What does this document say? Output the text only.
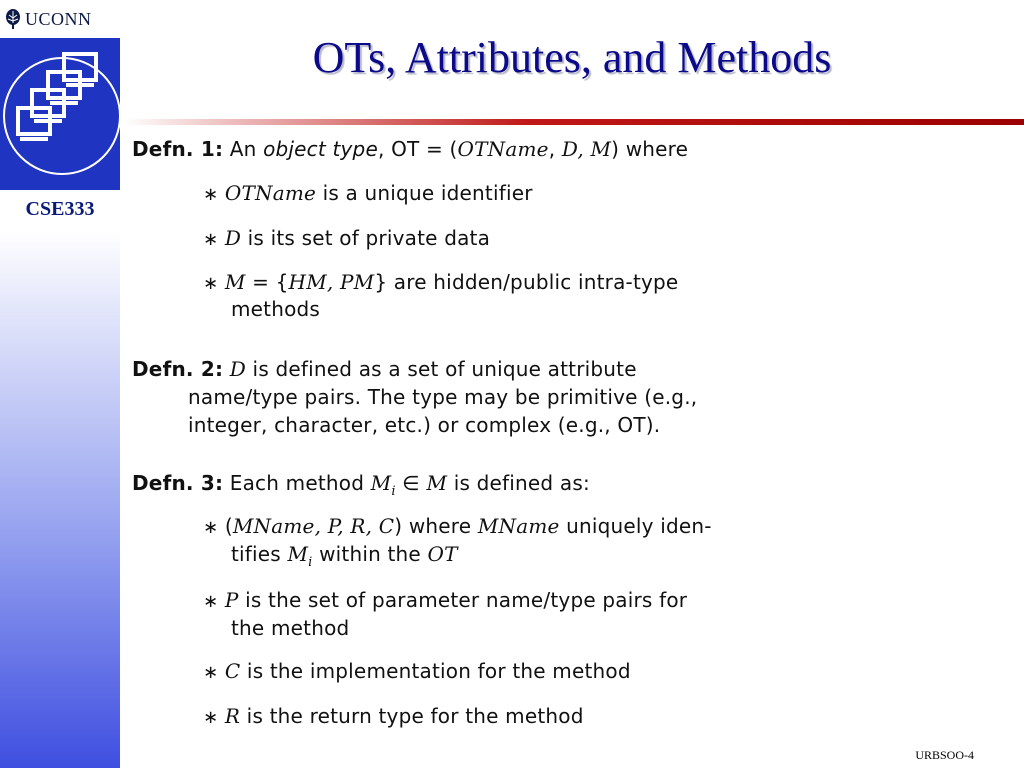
UCONN
CSE333
OTs, Attributes, and Methods
Defn. 1: An object type, OT = (OTName, D, M) where
∗ OTName is a unique identifier
∗ D is its set of private data
∗ M = {HM, PM} are hidden/public intra-type
methods
Defn. 2: D is defined as a set of unique attribute
name/type pairs. The type may be primitive (e.g.,
integer, character, etc.) or complex (e.g., OT).
Defn. 3: Each method $M_i$ ∈ M is defined as:
∗ (MName, P, R, C) where MName uniquely iden-
tifies $M_i$ within the OT
∗ P is the set of parameter name/type pairs for
the method
∗ C is the implementation for the method
∗ R is the return type for the method
URBSOO-4
